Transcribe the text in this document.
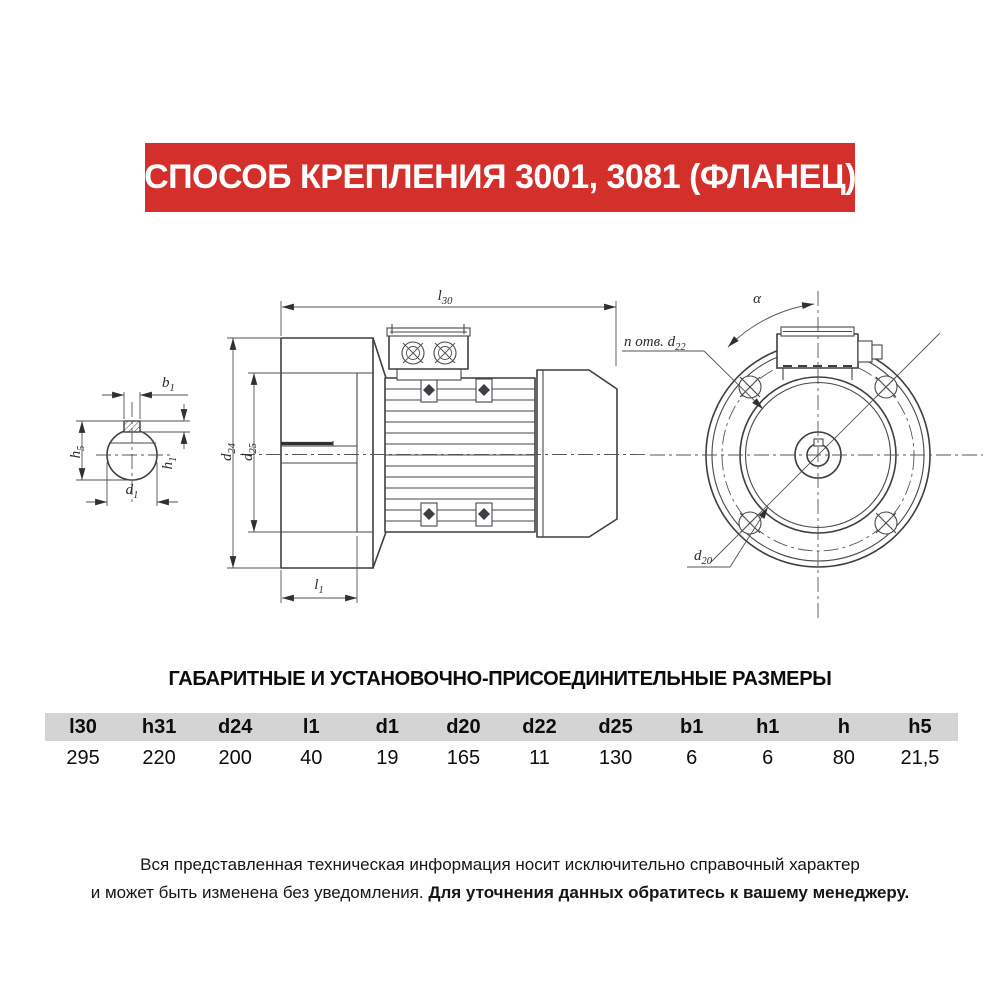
СПОСОБ КРЕПЛЕНИЯ 3001, 3081 (ФЛАНЕЦ)
$b_1$
$h_5$
$h_1$
$d_1$
$l_{30}$
$d_{24}$
$d_{25}$
$l_1$
α
n отв. $d_{22}$
$d_{20}$
ГАБАРИТНЫЕ И УСТАНОВОЧНО-ПРИСОЕДИНИТЕЛЬНЫЕ РАЗМЕРЫ
l30	h31	d24	l1	d1	d20	d22	d25	b1	h1	h	h5
295	220	200	40	19	165	11	130	6	6	80	21,5
Вся представленная техническая информация носит исключительно справочный характер
и может быть изменена без уведомления. Для уточнения данных обратитесь к вашему менеджеру.
